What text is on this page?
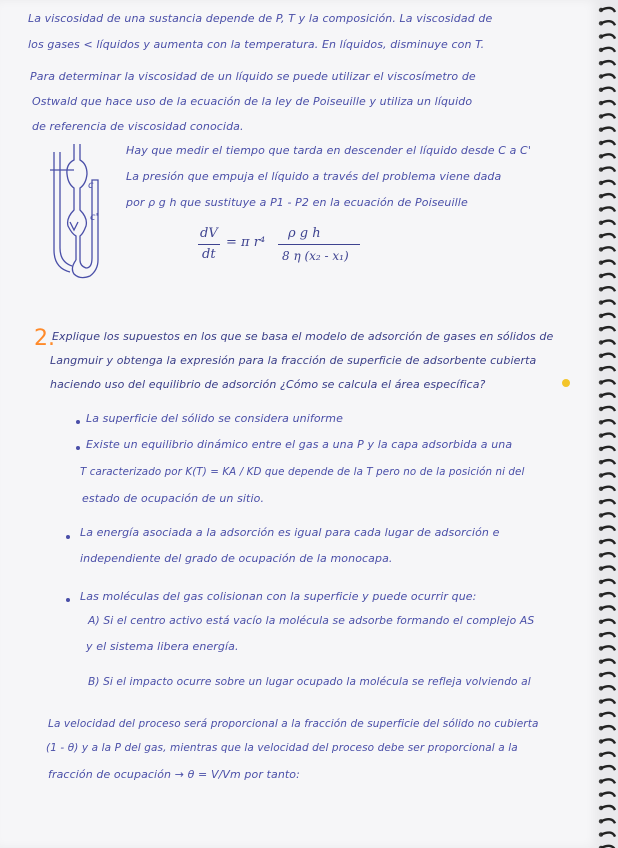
La viscosidad de una sustancia depende de P, T y la composición. La viscosidad de
los gases < líquidos y aumenta con la temperatura. En líquidos, disminuye con T.
Para determinar la viscosidad de un líquido se puede utilizar el viscosímetro de
Ostwald que hace uso de la ecuación de la ley de Poiseuille y utiliza un líquido
de referencia de viscosidad conocida.
c
c'
Hay que medir el tiempo que tarda en descender el líquido desde C a C'
La presión que empuja el líquido a través del problema viene dada
por ρ g h que sustituye a P1 - P2 en la ecuación de Poiseuille
dV
dt
= π r⁴
ρ g h
8 η (x₂ - x₁)
2.
Explique los supuestos en los que se basa el modelo de adsorción de gases en sólidos de
Langmuir y obtenga la expresión para la fracción de superficie de adsorbente cubierta
haciendo uso del equilibrio de adsorción ¿Cómo se calcula el área específica?
La superficie del sólido se considera uniforme
Existe un equilibrio dinámico entre el gas a una P y la capa adsorbida a una
T caracterizado por K(T) = KA / KD que depende de la T pero no de la posición ni del
estado de ocupación de un sitio.
La energía asociada a la adsorción es igual para cada lugar de adsorción e
independiente del grado de ocupación de la monocapa.
Las moléculas del gas colisionan con la superficie y puede ocurrir que:
A) Si el centro activo está vacío la molécula se adsorbe formando el complejo AS
y el sistema libera energía.
B) Si el impacto ocurre sobre un lugar ocupado la molécula se refleja volviendo al
La velocidad del proceso será proporcional a la fracción de superficie del sólido no cubierta
(1 - θ) y a la P del gas, mientras que la velocidad del proceso debe ser proporcional a la
fracción de ocupación → θ = V/Vm por tanto:
